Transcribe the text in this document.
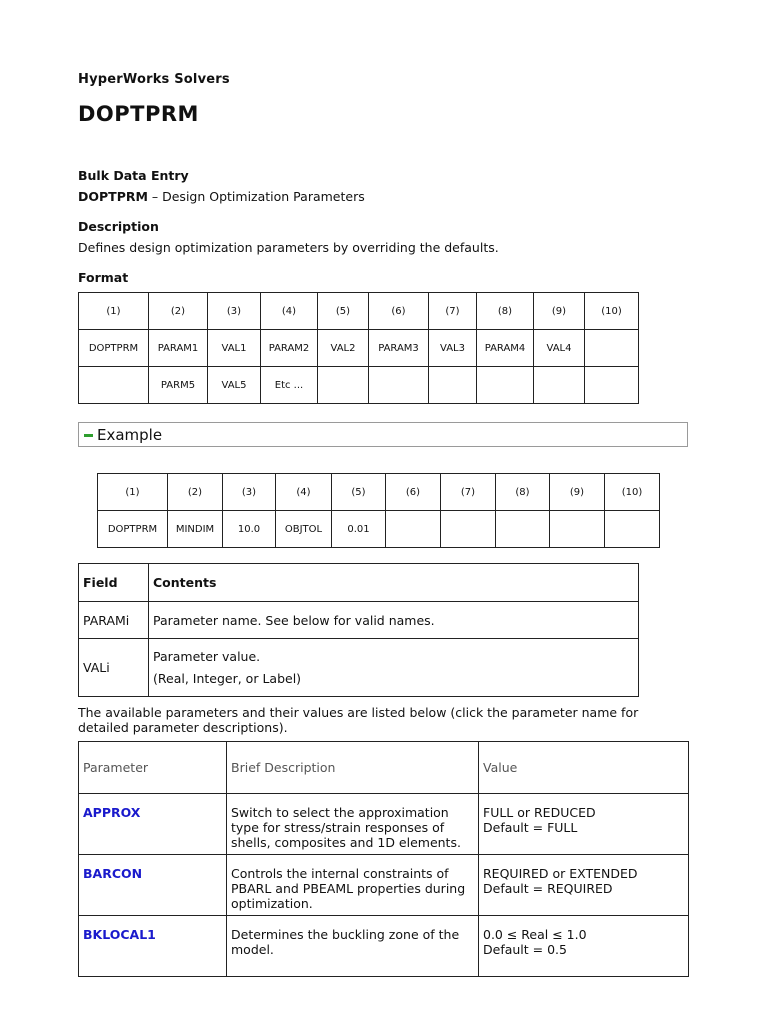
HyperWorks Solvers
DOPTPRM
Bulk Data Entry
DOPTPRM – Design Optimization Parameters
Description
Defines design optimization parameters by overriding the defaults.
Format
(1)	(2)	(3)	(4)	(5)	(6)	(7)	(8)	(9)	(10)
DOPTPRM	PARAM1	VAL1	PARAM2	VAL2	PARAM3	VAL3	PARAM4	VAL4	
	PARM5	VAL5	Etc ...						
Example
(1)	(2)	(3)	(4)	(5)	(6)	(7)	(8)	(9)	(10)
DOPTPRM	MINDIM	10.0	OBJTOL	0.01					
Field	Contents
PARAMi	Parameter name. See below for valid names.
VALi	Parameter value.
(Real, Integer, or Label)
The available parameters and their values are listed below (click the parameter name for detailed parameter descriptions).
Parameter	Brief Description	Value
APPROX	Switch to select the approximation
type for stress/strain responses of
shells, composites and 1D elements.	FULL or REDUCED
Default = FULL

BARCON	Controls the internal constraints of
PBARL and PBEAML properties during
optimization.	REQUIRED or EXTENDED
Default = REQUIRED

BKLOCAL1	Determines the buckling zone of the
model.	0.0 ≤ Real ≤ 1.0
Default = 0.5
